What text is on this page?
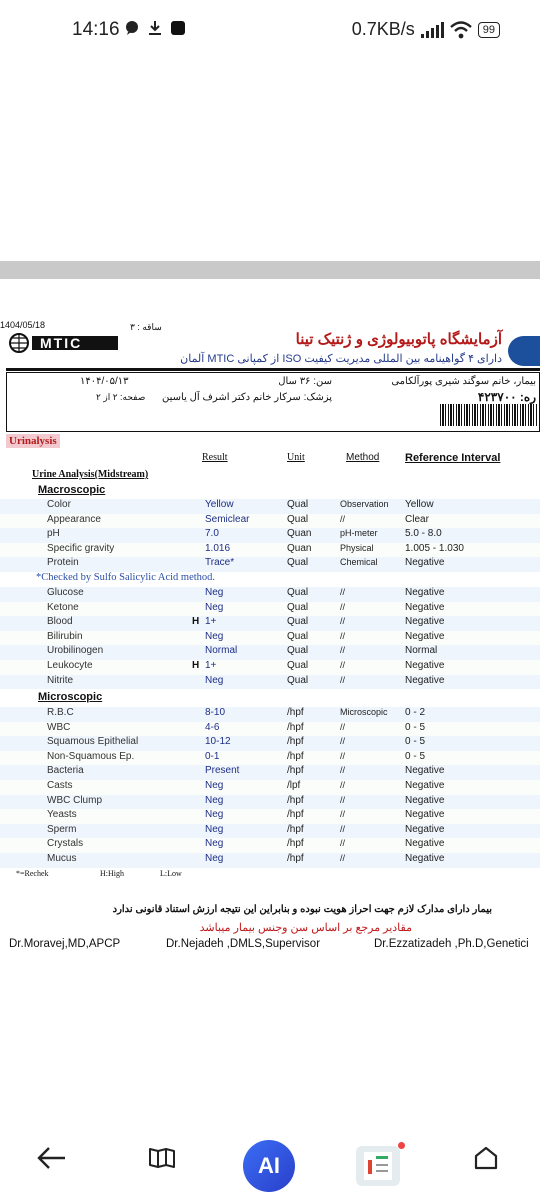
14:16	0.7KB/s	99
1404/05/18	ساقه : ۳
MTIC	آزمایشگاه پاتوبیولوژی و ژنتیک تینا
دارای ۴ گواهینامه بین المللی مدیریت کیفیت ISO از کمپانی MTIC آلمان
بیمار، خانم سوگند شیری پورآلکامی
سن: ۳۶ سال
پزشک: سرکار خانم دکتر اشرف آل یاسین
۱۴۰۴/۰۵/۱۳
صفحه: ۲ از ۲	ره: ۴۲۳۷۰۰
Urinalysis
Result	Unit	Method Reference Interval
Urine Analysis(Midstream)
Macroscopic
Color	Yellow	Qual	Observation Yellow
Appearance	Semiclear	Qual	//	Clear
pH	7.0	Quan	pH-meter	5.0 - 8.0
Specific gravity	1.016	Quan	Physical	1.005 - 1.030
Protein	Trace*	Qual	Chemical	Negative
*Checked by Sulfo Salicylic Acid method.
Glucose	Neg	Qual	//	Negative
Ketone	Neg	Qual	//	Negative
Blood	H 1+	Qual	//	Negative
Bilirubin	Neg	Qual	//	Negative
Urobilinogen	Normal	Qual	//	Normal
Leukocyte	H 1+	Qual	//	Negative
Nitrite	Neg	Qual	//	Negative
Microscopic
R.B.C	8-10	/hpf	Microscopic 0 - 2
WBC	4-6	/hpf	//	0 - 5
Squamous Epithelial	10-12	/hpf	//	0 - 5
Non-Squamous Ep.	0-1	/hpf	//	0 - 5
Bacteria	Present	/hpf	//	Negative
Casts	Neg	/lpf	//	Negative
WBC Clump	Neg	/hpf	//	Negative
Yeasts	Neg	/hpf	//	Negative
Sperm	Neg	/hpf	//	Negative
Crystals	Neg	/hpf	//	Negative
Mucus	Neg	/hpf	//	Negative
*=Rechek	H:High	L:Low
بیمار دارای مدارک لازم جهت احراز هویت نبوده و بنابراین این نتیجه ارزش استناد قانونی ندارد
مقادیر مرجع بر اساس سن وجنس بیمار میباشد
Dr.Moravej,MD,APCP	Dr.Nejadeh ,DMLS,Supervisor	Dr.Ezzatizadeh ,Ph.D,Genetici
AI
